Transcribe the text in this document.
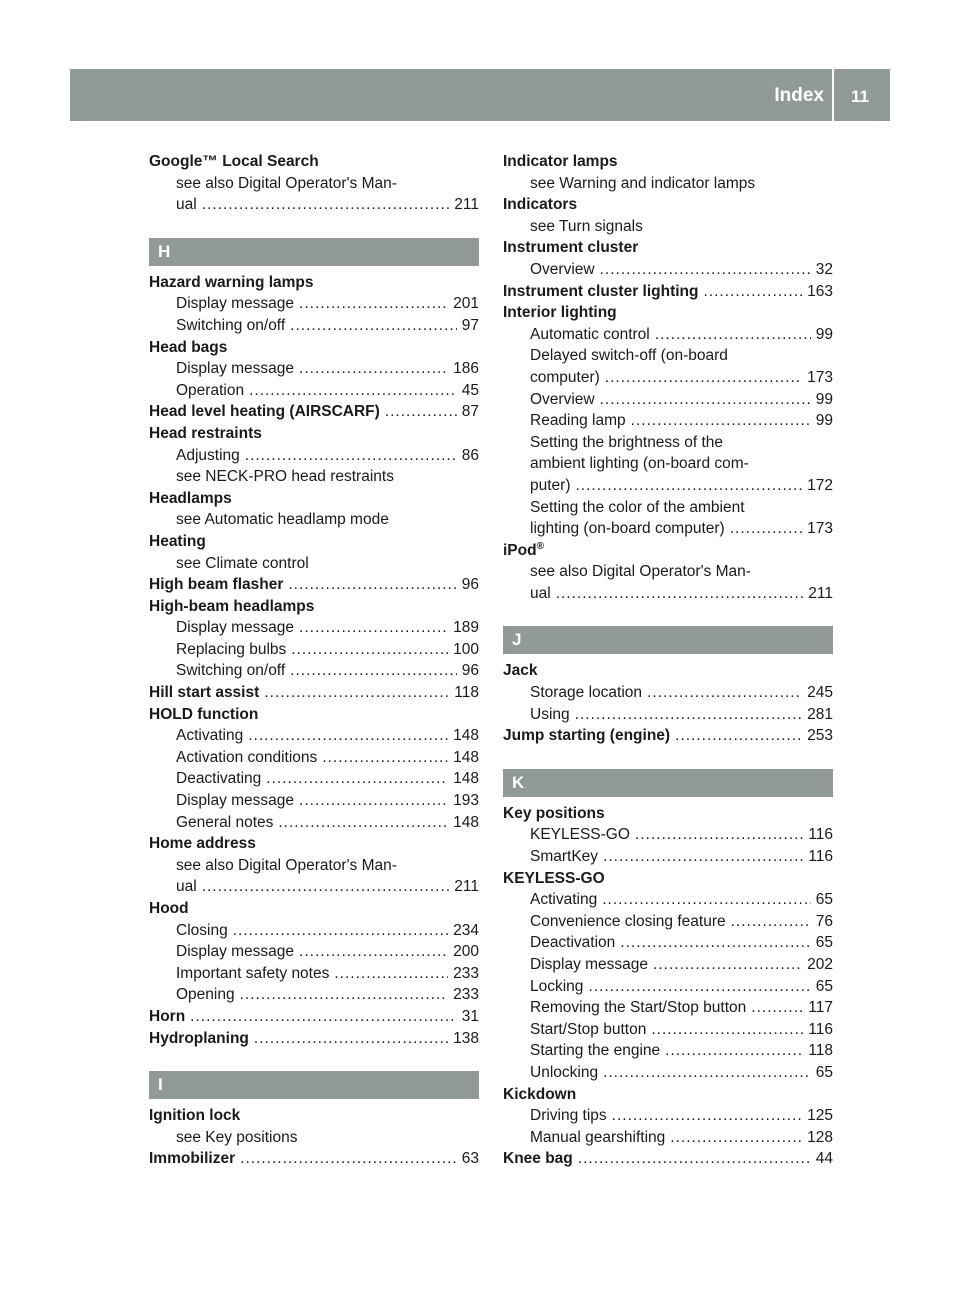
Index 11
Google™ Local Search
see also Digital Operator's Man-
ual .....	211
H
Hazard warning lamps
Display message .....	201
Switching on/off .....	97
Head bags
Display message .....	186
Operation .....	45
Head level heating (AIRSCARF) .....	87
Head restraints
Adjusting .....	86
see NECK-PRO head restraints
Headlamps
see Automatic headlamp mode
Heating
see Climate control
High beam flasher .....	96
High-beam headlamps
Display message .....	189
Replacing bulbs .....	100
Switching on/off .....	96
Hill start assist .....	118
HOLD function
Activating .....	148
Activation conditions .....	148
Deactivating .....	148
Display message .....	193
General notes .....	148
Home address
see also Digital Operator's Man-
ual .....	211
Hood
Closing .....	234
Display message .....	200
Important safety notes .....	233
Opening .....	233
Horn .....	31
Hydroplaning .....	138
I
Ignition lock
see Key positions
Immobilizer .....	63
Indicator lamps
see Warning and indicator lamps
Indicators
see Turn signals
Instrument cluster
Overview .....	32
Instrument cluster lighting .....	163
Interior lighting
Automatic control .....	99
Delayed switch-off (on-board
computer) .....	173
Overview .....	99
Reading lamp .....	99
Setting the brightness of the
ambient lighting (on-board com-
puter) .....	172
Setting the color of the ambient
lighting (on-board computer) .....	173
iPod®
see also Digital Operator's Man-
ual .....	211
J
Jack
Storage location .....	245
Using .....	281
Jump starting (engine) .....	253
K
Key positions
KEYLESS-GO .....	116
SmartKey .....	116
KEYLESS-GO
Activating .....	65
Convenience closing feature .....	76
Deactivation .....	65
Display message .....	202
Locking .....	65
Removing the Start/Stop button .....	117
Start/Stop button .....	116
Starting the engine .....	118
Unlocking .....	65
Kickdown
Driving tips .....	125
Manual gearshifting .....	128
Knee bag .....	44
